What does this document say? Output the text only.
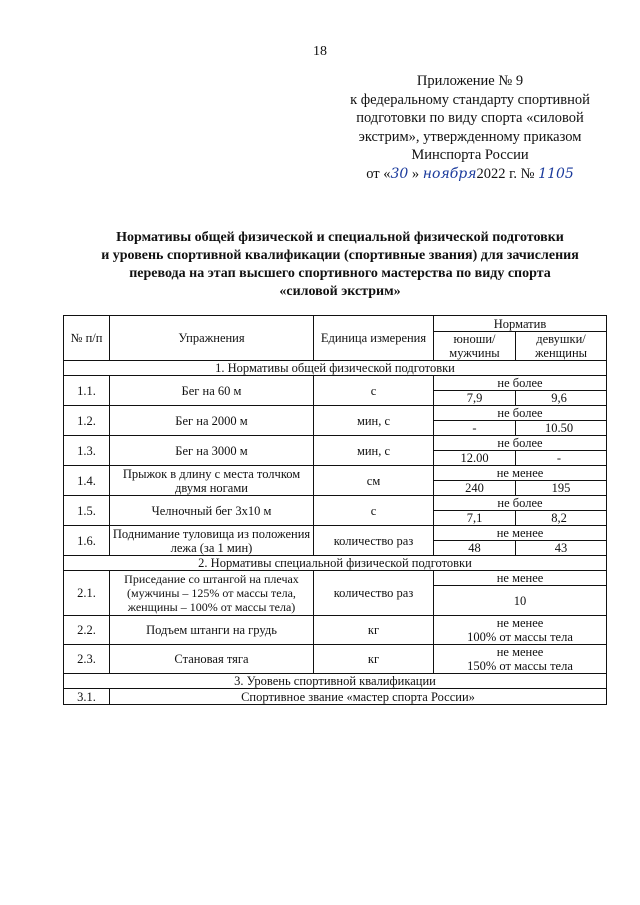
18
Приложение № 9
к федеральному стандарту спортивной
подготовки по виду спорта «силовой
экстрим», утвержденному приказом
Минспорта России
от «30 » ноября2022 г. № 1105
Нормативы общей физической и специальной физической подготовки
и уровень спортивной квалификации (спортивные звания) для зачисления
перевода на этап высшего спортивного мастерства по виду спорта
«силовой экстрим»
№ п/п	Упражнения	Единица измерения	Норматив	
			юноши/ мужчины	девушки/ женщины
1. Нормативы общей физической подготовки				
1.1.	Бег на 60 м	с	не более	
			7,9	9,6
1.2.	Бег на 2000 м	мин, с	не более	
			-	10.50
1.3.	Бег на 3000 м	мин, с	не более	
			12.00	-
1.4.	Прыжок в длину с места толчком двумя ногами	см	не менее	
			240	195
1.5.	Челночный бег 3х10 м	с	не более	
			7,1	8,2
1.6.	Поднимание туловища из положения лежа (за 1 мин)	количество раз	не менее	
			48	43
2. Нормативы специальной физической подготовки				
2.1.	Приседание со штангой на плечах (мужчины – 125% от массы тела, женщины – 100% от массы тела)	количество раз	не менее	
			10	
2.2.	Подъем штанги на грудь	кг	не менее	
			100% от массы тела	
2.3.	Становая тяга	кг	не менее	
			150% от массы тела	
3. Уровень спортивной квалификации				
3.1.	Спортивное звание «мастер спорта России»			
